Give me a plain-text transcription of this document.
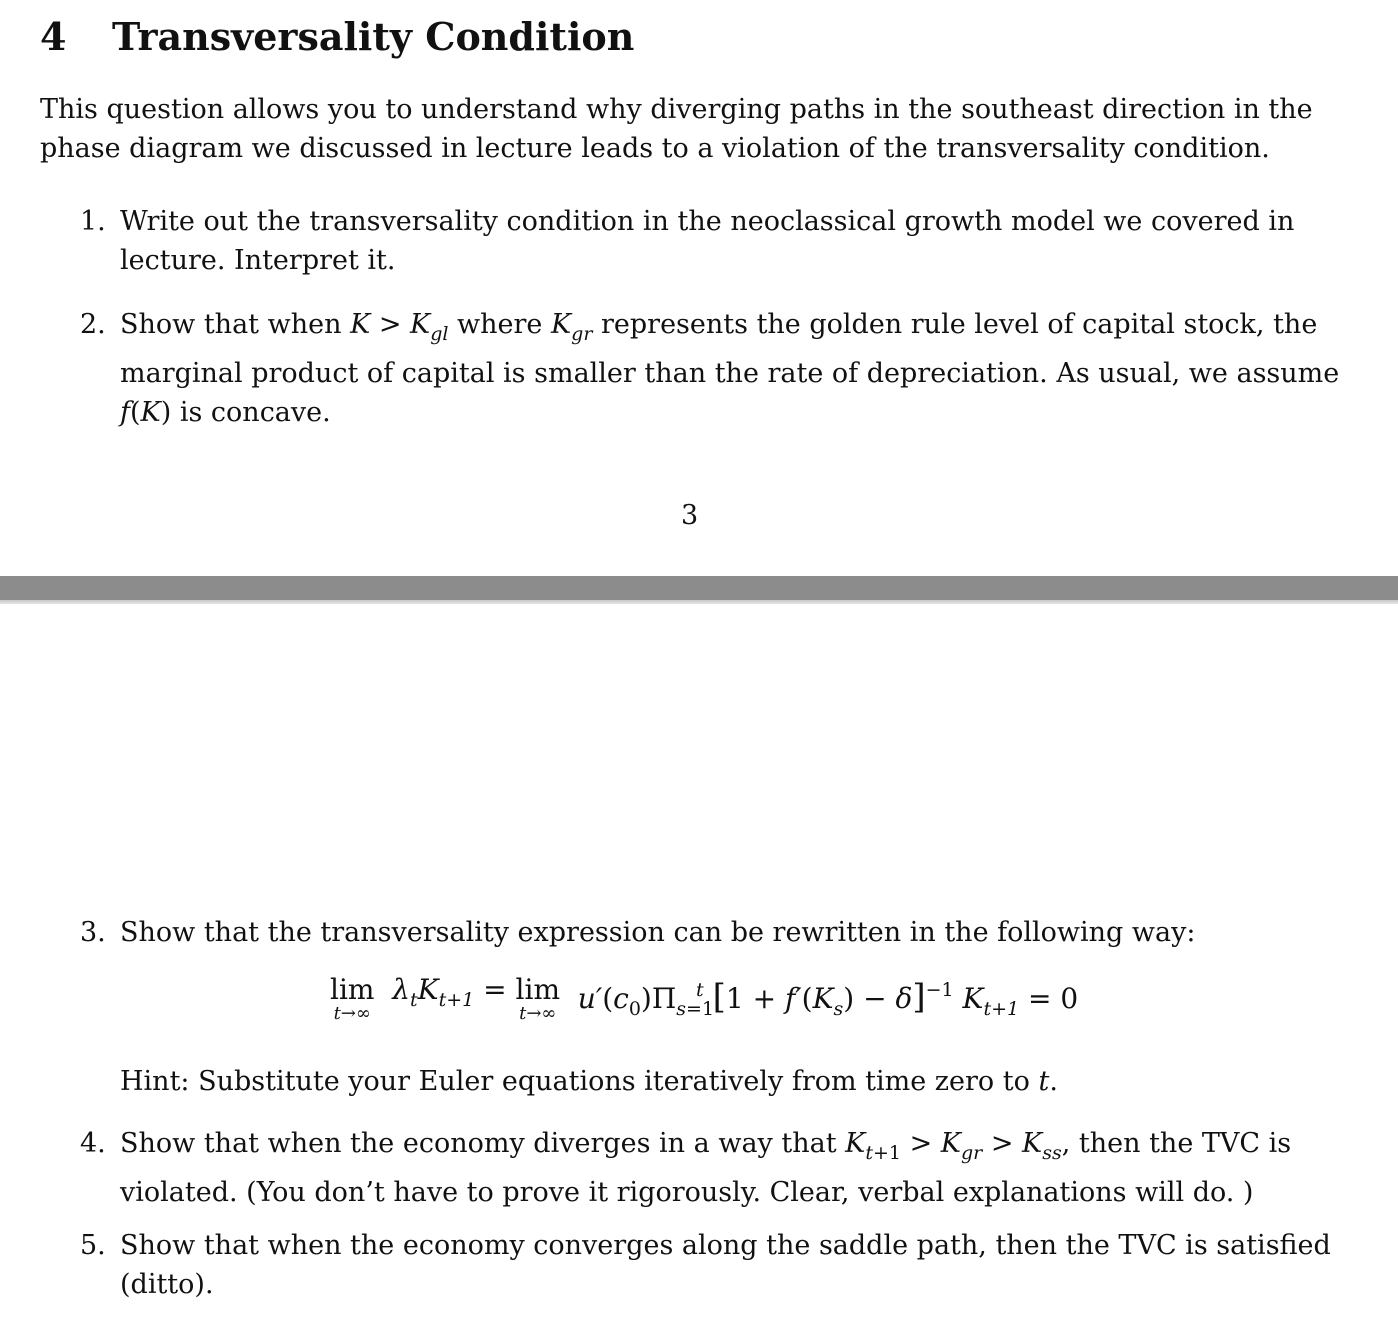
4 Transversality Condition
This question allows you to understand why diverging paths in the southeast direction in the
phase diagram we discussed in lecture leads to a violation of the transversality condition.
1. Write out the transversality condition in the neoclassical growth model we covered in
lecture. Interpret it.
2. Show that when $K > K_{gl}$ where $K_{gr}$ represents the golden rule level of capital stock, the
marginal product of capital is smaller than the rate of depreciation. As usual, we assume
f(K) is concave.
3
3. Show that the transversality expression can be rewritten in the following way:
lim
t→∞
$\lambda_tK_{t+1} = \lim$
t→∞ $u'(c_0)\Pi_{s=1}^t$ $[1 + f'(K_s) - \delta]^{-1}$ $K_{t+1} = 0$
Hint: Substitute your Euler equations iteratively from time zero to t.
4. Show that when the economy diverges in a way that $K_{t+1} > K_{gr} > K_{ss}$, then the TVC is
violated. (You don’t have to prove it rigorously. Clear, verbal explanations will do. )
5. Show that when the economy converges along the saddle path, then the TVC is satisfied
(ditto).
